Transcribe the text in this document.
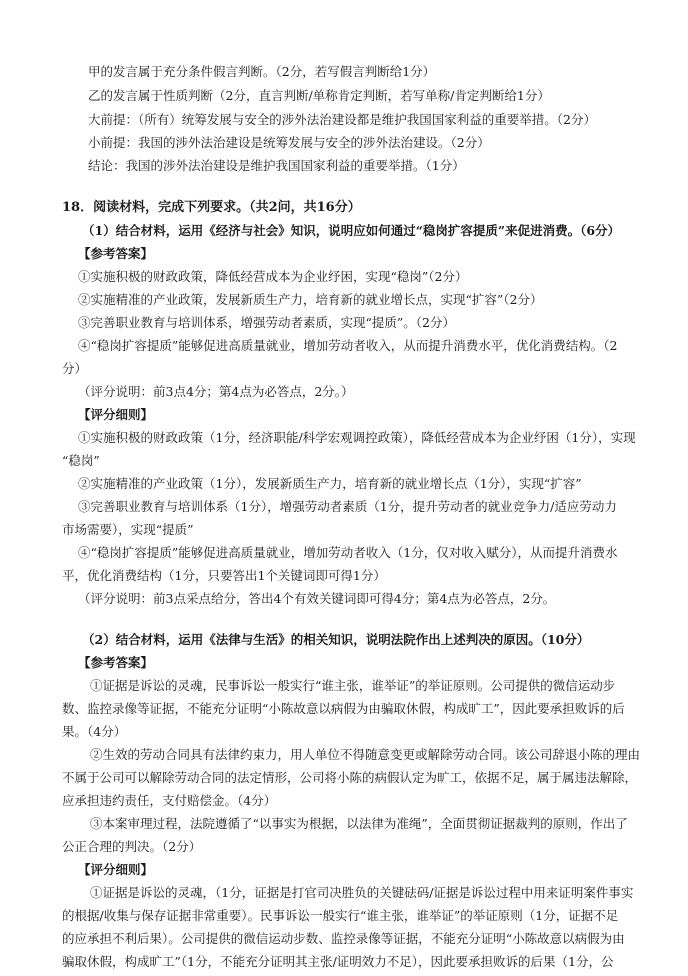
甲的发言属于充分条件假言判断。（2分，若写假言判断给1分）
乙的发言属于性质判断（2分，直言判断/单称肯定判断，若写单称/肯定判断给1分）
大前提：（所有）统筹发展与安全的涉外法治建设都是维护我国国家利益的重要举措。（2分）
小前提：我国的涉外法治建设是统筹发展与安全的涉外法治建设。（2分）
结论：我国的涉外法治建设是维护我国国家利益的重要举措。（1分）
18．阅读材料，完成下列要求。（共2问，共16分）
（1）结合材料，运用《经济与社会》知识，说明应如何通过“稳岗扩容提质”来促进消费。（6分）
【参考答案】
①实施积极的财政政策，降低经营成本为企业纾困，实现“稳岗”（2分）
②实施精准的产业政策，发展新质生产力，培育新的就业增长点，实现“扩容”（2分）
③完善职业教育与培训体系，增强劳动者素质，实现“提质”。（2分）
④“稳岗扩容提质”能够促进高质量就业，增加劳动者收入，从而提升消费水平，优化消费结构。（2
分）
（评分说明：前3点4分；第4点为必答点，2分。）
【评分细则】
①实施积极的财政政策（1分，经济职能/科学宏观调控政策），降低经营成本为企业纾困（1分），实现
“稳岗”
②实施精准的产业政策（1分），发展新质生产力，培育新的就业增长点（1分），实现“扩容”
③完善职业教育与培训体系（1分），增强劳动者素质（1分，提升劳动者的就业竞争力/适应劳动力
市场需要），实现“提质”
④“稳岗扩容提质”能够促进高质量就业，增加劳动者收入（1分，仅对收入赋分），从而提升消费水
平，优化消费结构（1分，只要答出1个关键词即可得1分）
（评分说明：前3点采点给分，答出4个有效关键词即可得4分；第4点为必答点，2分。
（2）结合材料，运用《法律与生活》的相关知识，说明法院作出上述判决的原因。（10分）
【参考答案】
①证据是诉讼的灵魂，民事诉讼一般实行“谁主张，谁举证”的举证原则。公司提供的微信运动步
数、监控录像等证据，不能充分证明“小陈故意以病假为由骗取休假，构成旷工”，因此要承担败诉的后
果。（4分）
②生效的劳动合同具有法律约束力，用人单位不得随意变更或解除劳动合同。该公司辞退小陈的理由
不属于公司可以解除劳动合同的法定情形，公司将小陈的病假认定为旷工，依据不足，属于属违法解除，
应承担违约责任，支付赔偿金。（4分）
③本案审理过程，法院遵循了“以事实为根据，以法律为准绳”，全面贯彻证据裁判的原则，作出了
公正合理的判决。（2分）
【评分细则】
①证据是诉讼的灵魂，（1分，证据是打官司决胜负的关键砝码/证据是诉讼过程中用来证明案件事实
的根据/收集与保存证据非常重要）。民事诉讼一般实行“谁主张，谁举证”的举证原则（1分，证据不足
的应承担不利后果）。公司提供的微信运动步数、监控录像等证据，不能充分证明“小陈故意以病假为由
骗取休假，构成旷工”（1分，不能充分证明其主张/证明效力不足），因此要承担败诉的后果（1分，公
